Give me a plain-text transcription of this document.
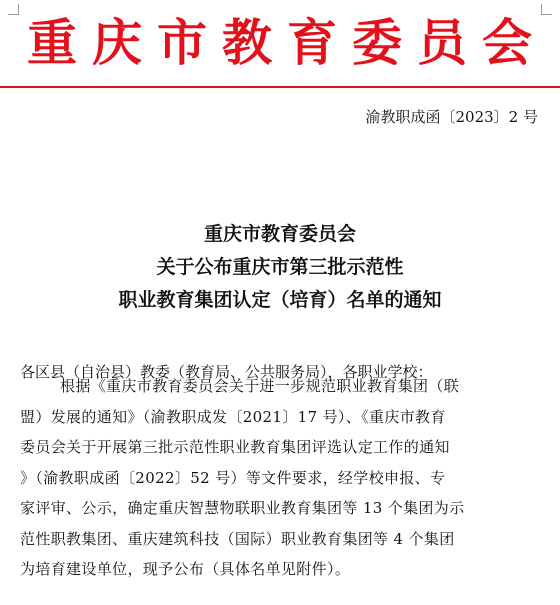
重庆市教育委员会
渝教职成函〔2023〕2 号
重庆市教育委员会
关于公布重庆市第三批示范性
职业教育集团认定（培育）名单的通知

各区县（自治县）教委（教育局、公共服务局），各职业学校：

根据《重庆市教育委员会关于进一步规范职业教育集团（联
盟）发展的通知》（渝教职成发〔2021〕17 号）、《重庆市教育
委员会关于开展第三批示范性职业教育集团评选认定工作的通知
》（渝教职成函〔2022〕52 号）等文件要求，经学校申报、专
家评审、公示，确定重庆智慧物联职业教育集团等 13 个集团为示
范性职教集团、重庆建筑科技（国际）职业教育集团等 4 个集团
为培育建设单位，现予公布（具体名单见附件）。
